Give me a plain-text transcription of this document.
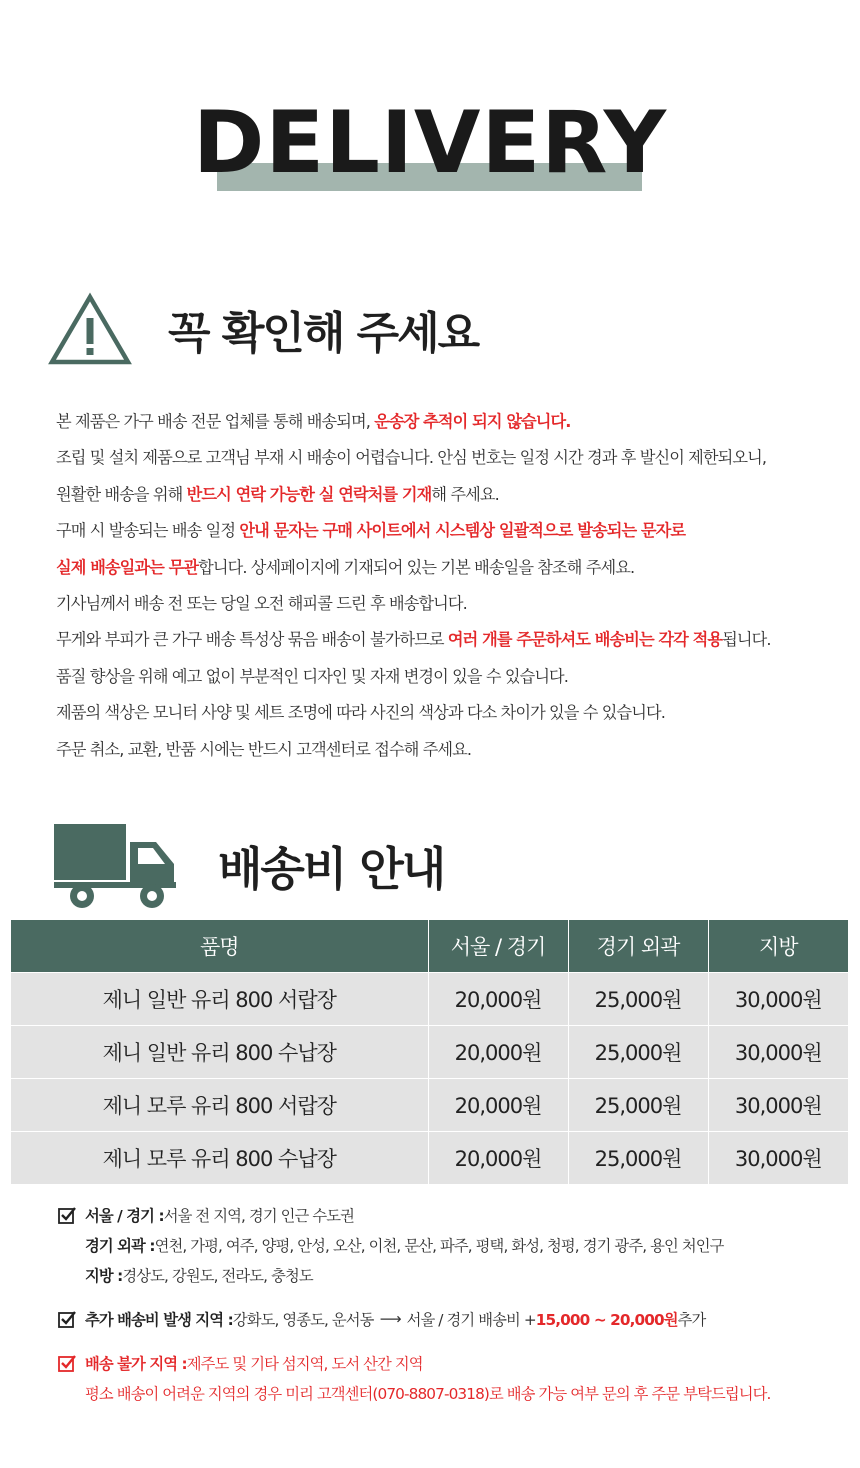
DELIVERY
꼭 확인해 주세요
본 제품은 가구 배송 전문 업체를 통해 배송되며, 운송장 추적이 되지 않습니다.
조립 및 설치 제품으로 고객님 부재 시 배송이 어렵습니다. 안심 번호는 일정 시간 경과 후 발신이 제한되오니,
원활한 배송을 위해 반드시 연락 가능한 실 연락처를 기재해 주세요.
구매 시 발송되는 배송 일정 안내 문자는 구매 사이트에서 시스템상 일괄적으로 발송되는 문자로
실제 배송일과는 무관합니다. 상세페이지에 기재되어 있는 기본 배송일을 참조해 주세요.
기사님께서 배송 전 또는 당일 오전 해피콜 드린 후 배송합니다.
무게와 부피가 큰 가구 배송 특성상 묶음 배송이 불가하므로 여러 개를 주문하셔도 배송비는 각각 적용됩니다.
품질 향상을 위해 예고 없이 부분적인 디자인 및 자재 변경이 있을 수 있습니다.
제품의 색상은 모니터 사양 및 세트 조명에 따라 사진의 색상과 다소 차이가 있을 수 있습니다.
주문 취소, 교환, 반품 시에는 반드시 고객센터로 접수해 주세요.
배송비 안내
품명	서울 / 경기	경기 외곽	지방
제니 일반 유리 800 서랍장	20,000원	25,000원	30,000원
제니 일반 유리 800 수납장	20,000원	25,000원	30,000원
제니 모루 유리 800 서랍장	20,000원	25,000원	30,000원
제니 모루 유리 800 수납장	20,000원	25,000원	30,000원
서울 / 경기 : 서울 전 지역, 경기 인근 수도권
경기 외곽 : 연천, 가평, 여주, 양평, 안성, 오산, 이천, 문산, 파주, 평택, 화성, 청평, 경기 광주, 용인 처인구
지방 : 경상도, 강원도, 전라도, 충청도
추가 배송비 발생 지역 : 강화도, 영종도, 운서동 ⟶ 서울 / 경기 배송비 + 15,000 ~ 20,000원 추가
배송 불가 지역 : 제주도 및 기타 섬지역, 도서 산간 지역
평소 배송이 어려운 지역의 경우 미리 고객센터(070-8807-0318)로 배송 가능 여부 문의 후 주문 부탁드립니다.
